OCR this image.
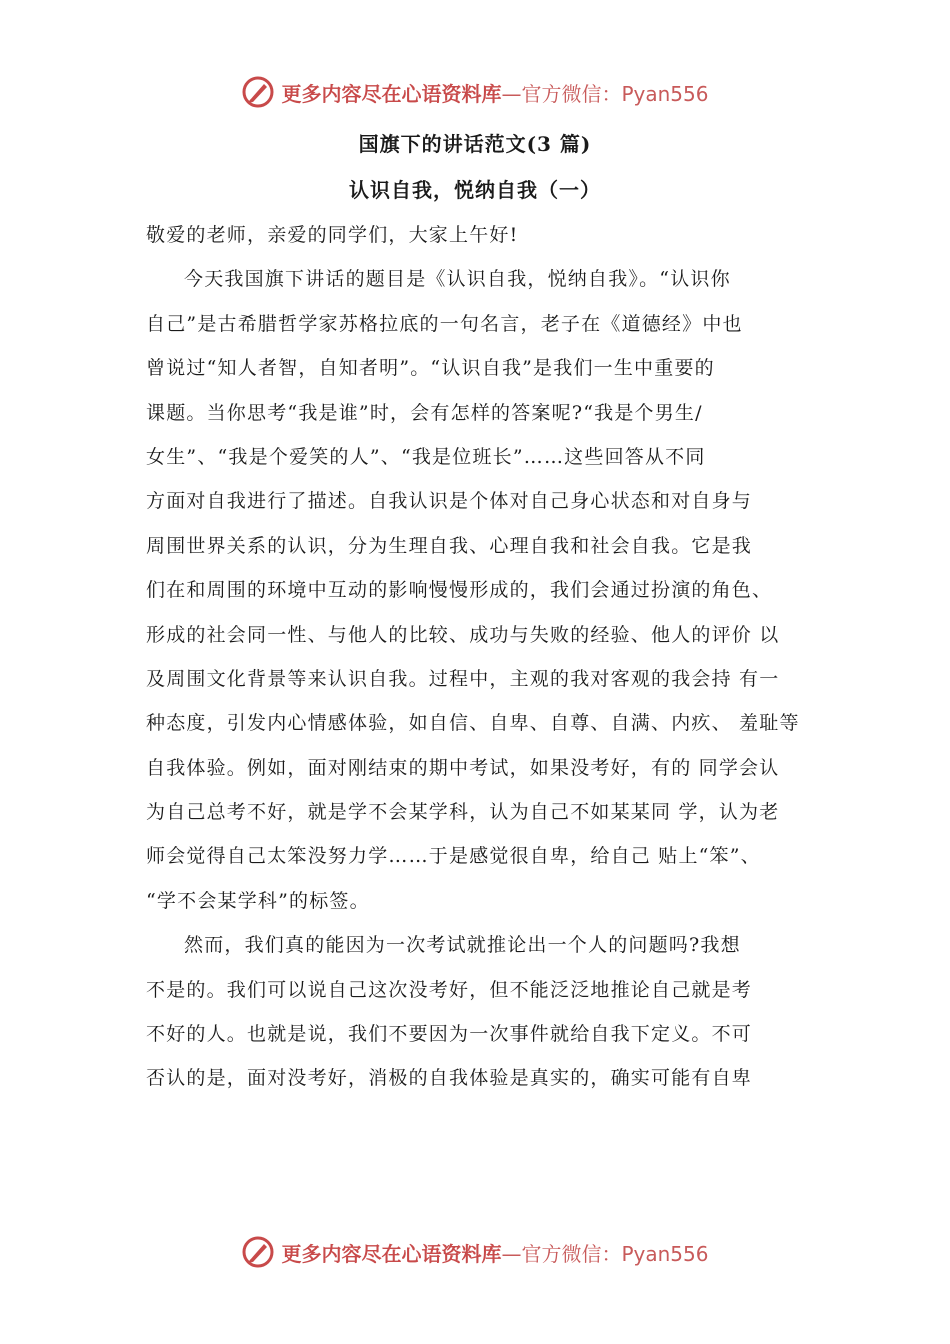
更多内容尽在心语资料库—官方微信：Pyan556
国旗下的讲话范文(3 篇)
认识自我，悦纳自我（一）
敬爱的老师，亲爱的同学们，大家上午好!
今天我国旗下讲话的题目是《认识自我，悦纳自我》。“认识你
自己”是古希腊哲学家苏格拉底的一句名言，老子在《道德经》中也
曾说过“知人者智，自知者明”。“认识自我”是我们一生中重要的
课题。当你思考“我是谁”时，会有怎样的答案呢?“我是个男生/
女生”、“我是个爱笑的人”、“我是位班长”……这些回答从不同
方面对自我进行了描述。自我认识是个体对自己身心状态和对自身与
周围世界关系的认识，分为生理自我、心理自我和社会自我。它是我
们在和周围的环境中互动的影响慢慢形成的，我们会通过扮演的角色、
形成的社会同一性、与他人的比较、成功与失败的经验、他人的评价 以
及周围文化背景等来认识自我。过程中，主观的我对客观的我会持 有一
种态度，引发内心情感体验，如自信、自卑、自尊、自满、内疚、 羞耻等
自我体验。例如，面对刚结束的期中考试，如果没考好，有的 同学会认
为自己总考不好，就是学不会某学科，认为自己不如某某同 学，认为老
师会觉得自己太笨没努力学……于是感觉很自卑，给自己 贴上“笨”、
“学不会某学科”的标签。
然而，我们真的能因为一次考试就推论出一个人的问题吗?我想
不是的。我们可以说自己这次没考好，但不能泛泛地推论自己就是考
不好的人。也就是说，我们不要因为一次事件就给自我下定义。不可
否认的是，面对没考好，消极的自我体验是真实的，确实可能有自卑
更多内容尽在心语资料库—官方微信：Pyan556
